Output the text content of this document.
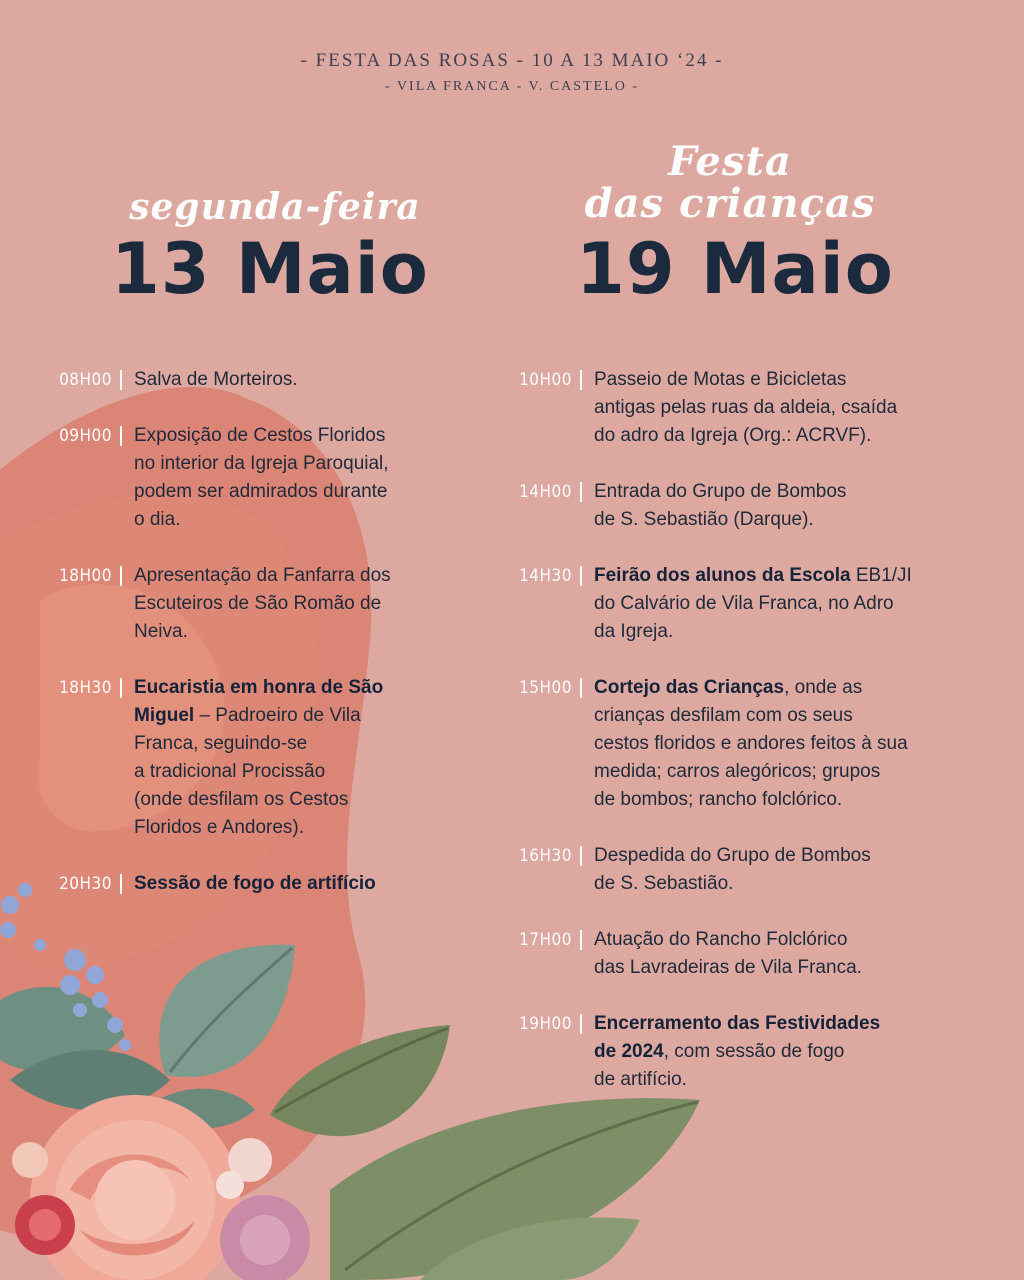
- FESTA DAS ROSAS - 10 A 13 MAIO ‘24 -
- VILA FRANCA - V. CASTELO -
segunda-feira
13 Maio
Festa
das crianças
19 Maio
08H00	Salva de Morteiros.
09H00	Exposição de Cestos Floridos
no interior da Igreja Paroquial,
podem ser admirados durante
o dia.
18H00	Apresentação da Fanfarra dos
Escuteiros de São Romão de
Neiva.
18H30	Eucaristia em honra de São
Miguel – Padroeiro de Vila
Franca, seguindo-se
a tradicional Procissão
(onde desfilam os Cestos
Floridos e Andores).
20H30	Sessão de fogo de artifício
10H00	Passeio de Motas e Bicicletas
antigas pelas ruas da aldeia, csaída
do adro da Igreja (Org.: ACRVF).
14H00	Entrada do Grupo de Bombos
de S. Sebastião (Darque).
14H30	Feirão dos alunos da Escola EB1/JI
do Calvário de Vila Franca, no Adro
da Igreja.
15H00	Cortejo das Crianças, onde as
crianças desfilam com os seus
cestos floridos e andores feitos à sua
medida; carros alegóricos; grupos
de bombos; rancho folclórico.
16H30	Despedida do Grupo de Bombos
de S. Sebastião.
17H00	Atuação do Rancho Folclórico
das Lavradeiras de Vila Franca.
19H00	Encerramento das Festividades
de 2024, com sessão de fogo
de artifício.
